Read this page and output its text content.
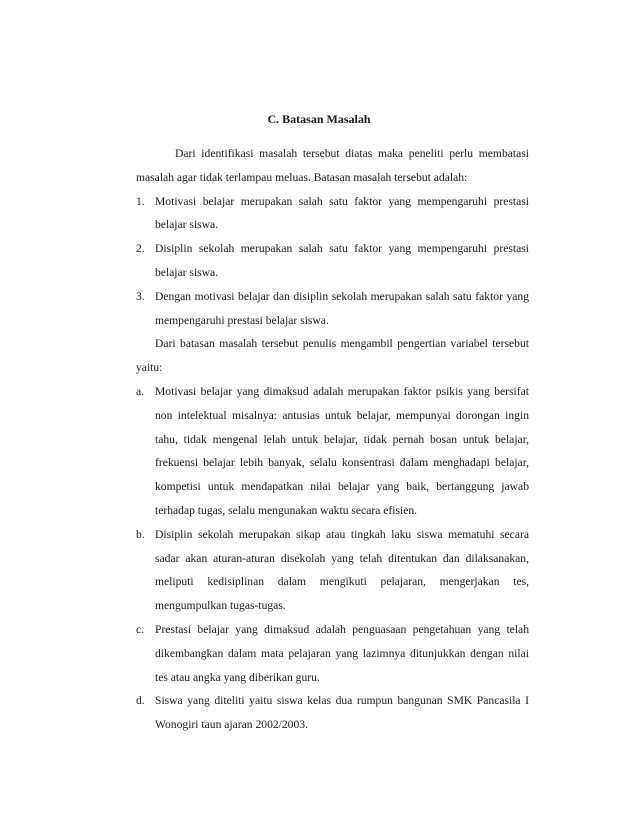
C. Batasan Masalah

Dari identifikasi masalah tersebut diatas maka peneliti perlu membatasi masalah agar tidak terlampau meluas. Batasan masalah tersebut adalah:

1. Motivasi belajar merupakan salah satu faktor yang mempengaruhi prestasi belajar siswa.
2. Disiplin sekolah merupakan salah satu faktor yang mempengaruhi prestasi belajar siswa.
3. Dengan motivasi belajar dan disiplin sekolah merupakan salah satu faktor yang mempengaruhi prestasi belajar siswa.

Dari batasan masalah tersebut penulis mengambil pengertian variabel tersebut yaitu:

a. Motivasi belajar yang dimaksud adalah merupakan faktor psikis yang bersifat non intelektual misalnya: antusias untuk belajar, mempunyai dorongan ingin tahu, tidak mengenal lelah untuk belajar, tidak pernah bosan untuk belajar, frekuensi belajar lebih banyak, selalu konsentrasi dalam menghadapi belajar, kompetisi untuk mendapatkan nilai belajar yang baik, bertanggung jawab terhadap tugas, selalu mengunakan waktu secara efisien.
b. Disiplin sekolah merupakan sikap atau tingkah laku siswa mematuhi secara sadar akan aturan-aturan disekolah yang telah ditentukan dan dilaksanakan, meliputi kedisiplinan dalam mengikuti pelajaran, mengerjakan tes, mengumpulkan tugas-tugas.
c. Prestasi belajar yang dimaksud adalah penguasaan pengetahuan yang telah dikembangkan dalam mata pelajaran yang lazimnya ditunjukkan dengan nilai tes atau angka yang diberikan guru.
d. Siswa yang diteliti yaitu siswa kelas dua rumpun bangunan SMK Pancasila I Wonogiri taun ajaran 2002/2003.
